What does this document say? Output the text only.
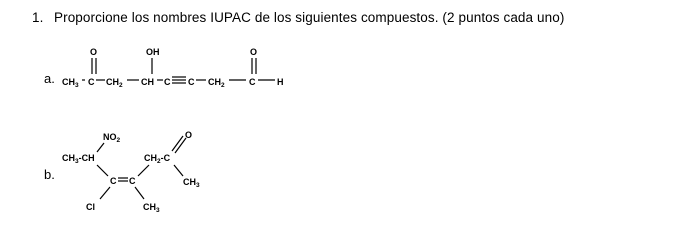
1. Proporcione los nombres IUPAC de los siguientes compuestos. (2 puntos cada uno)
a.
b.
O	OH	O
$CH_3$ C $CH_2$ CH C C $CH_2$	C H
$NO_2$
$CH_3-CH$	$CH_2-C$
O
$CH_3$
C C
Cl	$CH_3$
